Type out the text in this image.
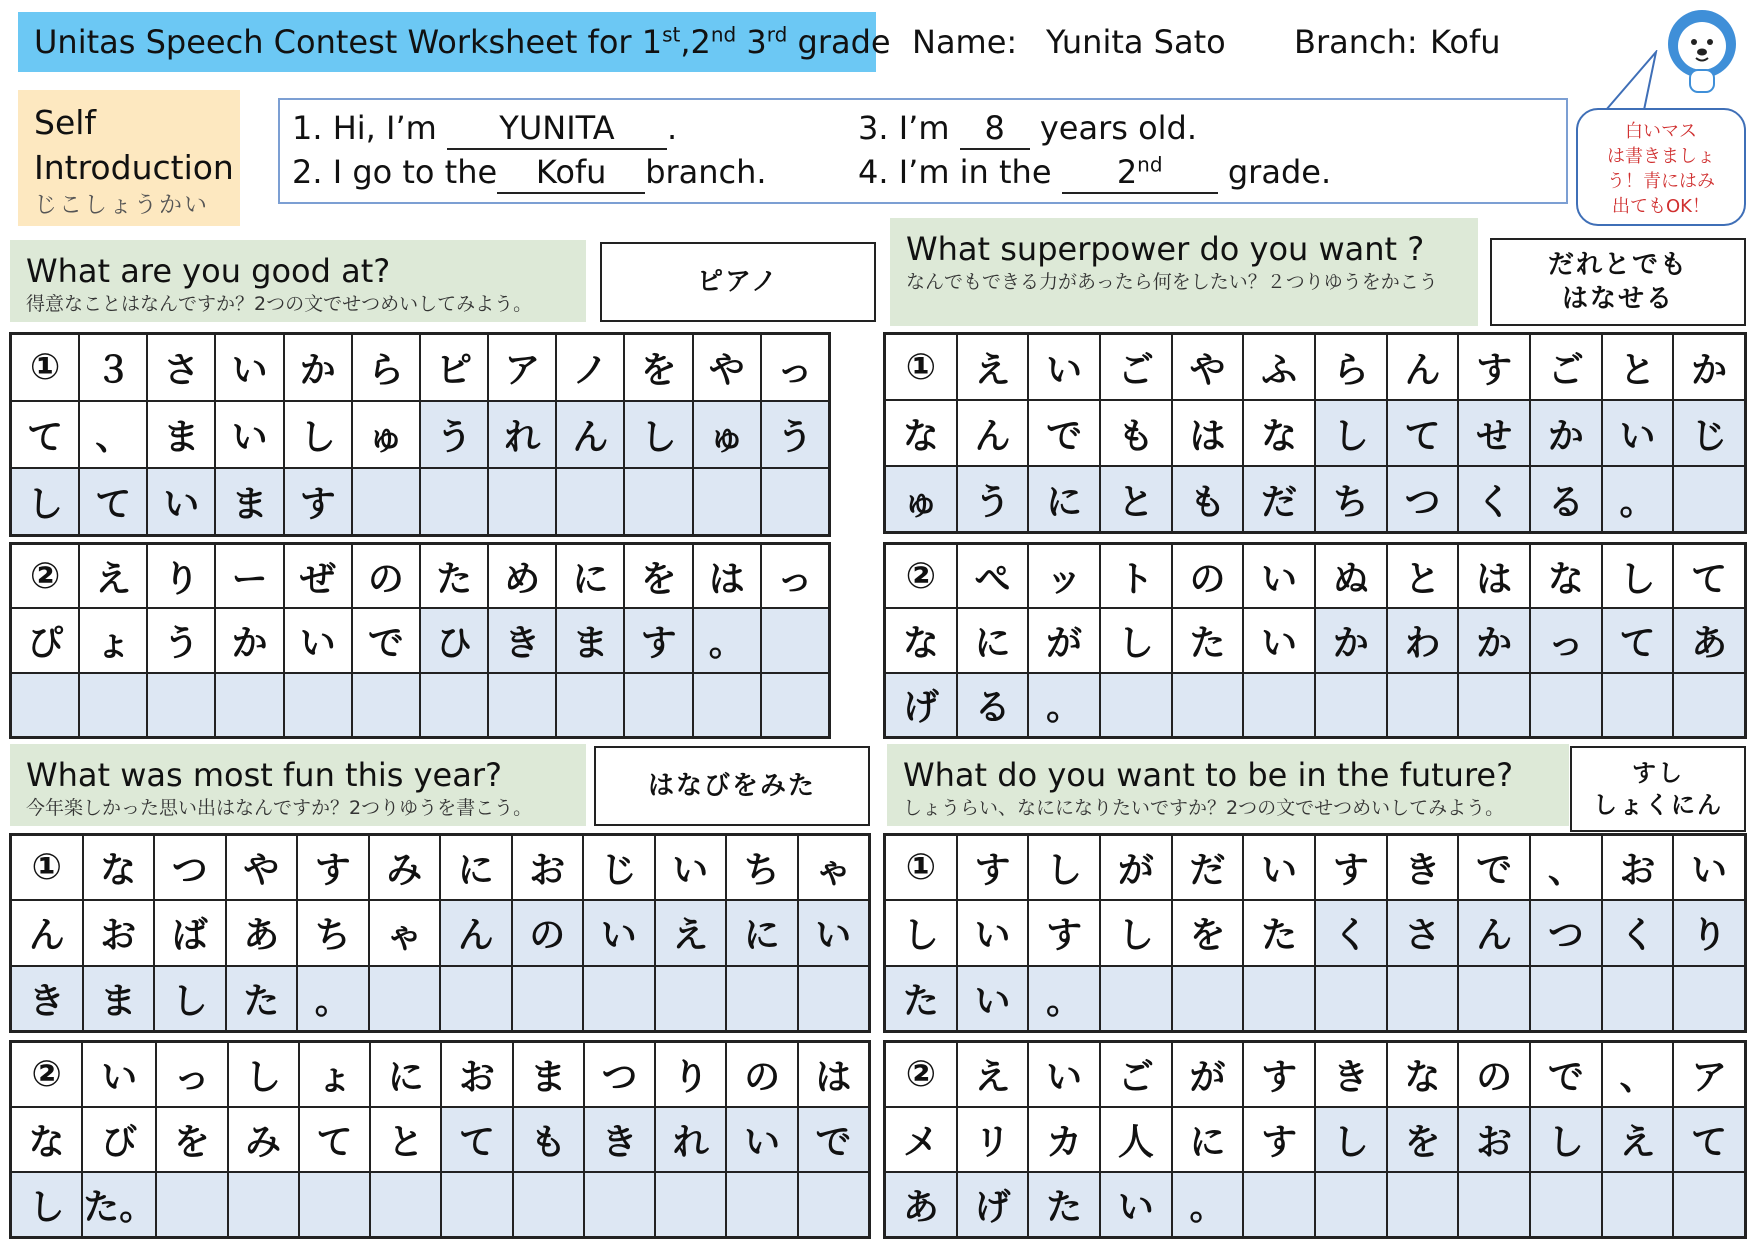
Unitas Speech Contest Worksheet for 1st,2nd 3rd grade Name: Yunita Sato Branch: Kofu
白いマス
は書きましょ
う！青にはみ
出てもOK！
Self
Introduction
じこしょうかい
1. Hi, I’m YUNITA .
2. I go to the Kofu branch.
3. I’m 8 years old.
4. I’m in the 2nd grade.
What are you good at?
得意なことはなんですか？2つの文でせつめいしてみよう。
ピアノ
① ３ さ い か ら ピ ア ノ を や っ
て 、 ま い し ゅ う れ ん し ゅ う
し て い ま す
② え り ー ぜ の た め に を は っ
ぴ ょ う か い で ひ き ま す 。
What superpower do you want ?
なんでもできる力があったら何をしたい？２つりゆうをかこう
だれとでも
はなせる
①	え い ご や ふ ら ん す ご と か
な ん で も は な し て せ か い じ
ゅ う に と も だ ち つ く る 。
②	ぺ ッ ト の い ぬ と は な し て
な に が し た い か わ か っ て あ
げ る 。
What was most fun this year?
今年楽しかった思い出はなんですか？2つりゆうを書こう。
はなびをみた
①	な つ や す み に お じ い ち ゃ
ん お ば あ ち ゃ ん の い え に い
き ま し た 。
②	い	っ し ょ に お ま つ り の は
な	び	を み て と て も き れ い で
し た。
What do you want to be in the future?
しょうらい、なにになりたいですか？2つの文でせつめいしてみよう。
すし
しょくにん
①	す し が だ い す き で 、 お い
し い す し を た く さ ん つ く り
た い 。
②	え い ご が す き な の で 、 ア
メ リ カ 人 に す し を お し え て
あ げ た い 。
